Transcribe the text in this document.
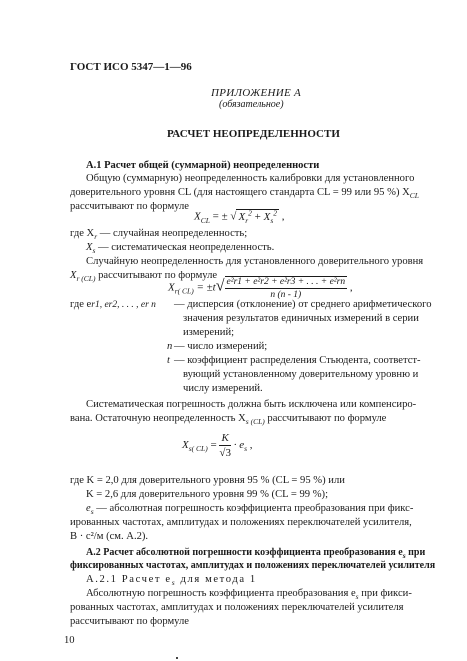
ГОСТ ИСО 5347—1—96
ПРИЛОЖЕНИЕ А
(обязательное)
РАСЧЕТ НЕОПРЕДЕЛЕННОСТИ
А.1 Расчет общей (суммарной) неопределенности
Общую (суммарную) неопределенность калибровки для установленного
доверительного уровня CL (для настоящего стандарта CL = 99 или 95 %) $X_{CL}$
рассчитывают по формуле
$X_{CL}$ = ± √ $X_r^2 + X_s^2$ ,
где $X_r$ — случайная неопределенность;
$X_s$ — систематическая неопределенность.
Случайную неопределенность для установленного доверительного уровня
$X_{r (CL)}$ рассчитывают по формуле
$X_{r( CL)} = \pm t√ \frac{\text{e²r1 + e²r2 + e²r3 + . . . + e²rn}}{n (n - 1)}$ ,
где er1, er2, . . . , er n — дисперсия (отклонение) от среднего арифметического
значения результатов единичных измерений в серии
измерений;
n — число измерений;
t — коэффициент распределения Стьюдента, соответст-
вующий установленному доверительному уровню и
числу измерений.
Систематическая погрешность должна быть исключена или компенсиро-
вана. Остаточную неопределенность $X_{s (CL)}$ рассчитывают по формуле
$X_{s( CL)} = \frac{K}{√3} \cdot e_s$ ,
где K = 2,0 для доверительного уровня 95 % (CL = 95 %) или
K = 2,6 для доверительного уровня 99 % (CL = 99 %);
$e_s$ — абсолютная погрешность коэффициента преобразования при фикс-
ированных частотах, амплитудах и положениях переключателей усилителя,
В · с²/м (см. А.2).
А.2 Расчет абсолютной погрешности коэффициента преобразования $e_s$ при
фиксированных частотах, амплитудах и положениях переключателей усилителя
А.2.1 Расчет $e_s$ для метода 1
Абсолютную погрешность коэффициента преобразования $e_s$ при фикси-
рованных частотах, амплитудах и положениях переключателей усилителя
рассчитывают по формуле
10
